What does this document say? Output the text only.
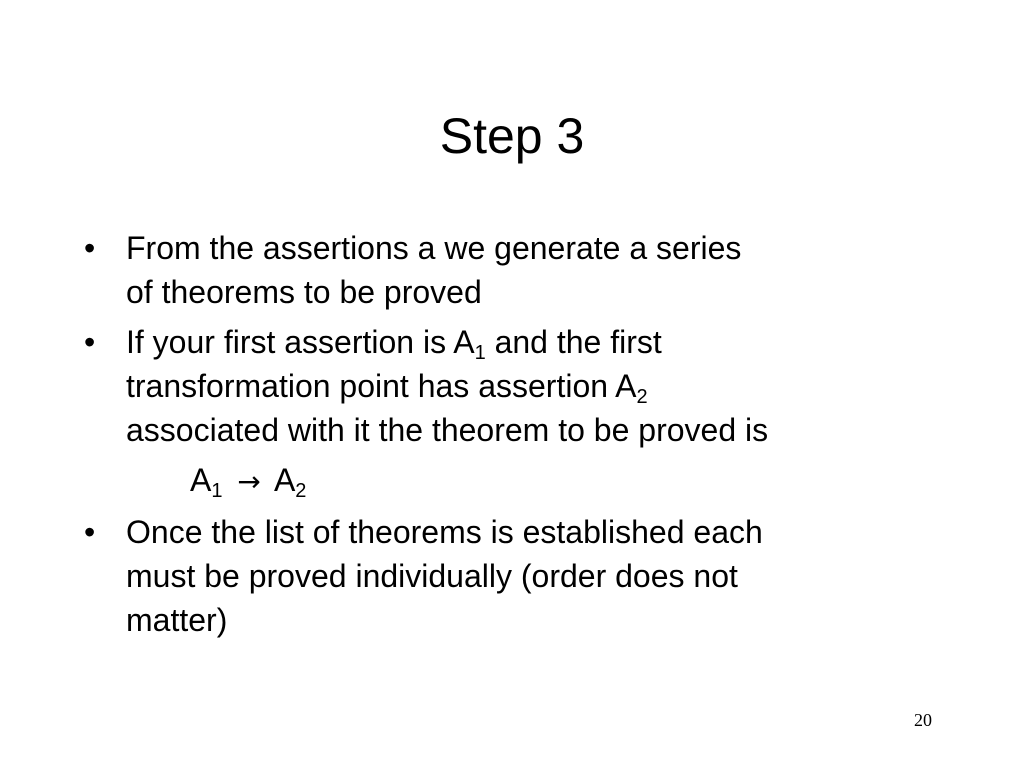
Step 3
• From the assertions a we generate a series
of theorems to be proved
• If your first assertion is $A_1$ and the first
transformation point has assertion $A_2$
associated with it the theorem to be proved is
$A_1 \to A_2$
• Once the list of theorems is established each
must be proved individually (order does not
matter)
20
